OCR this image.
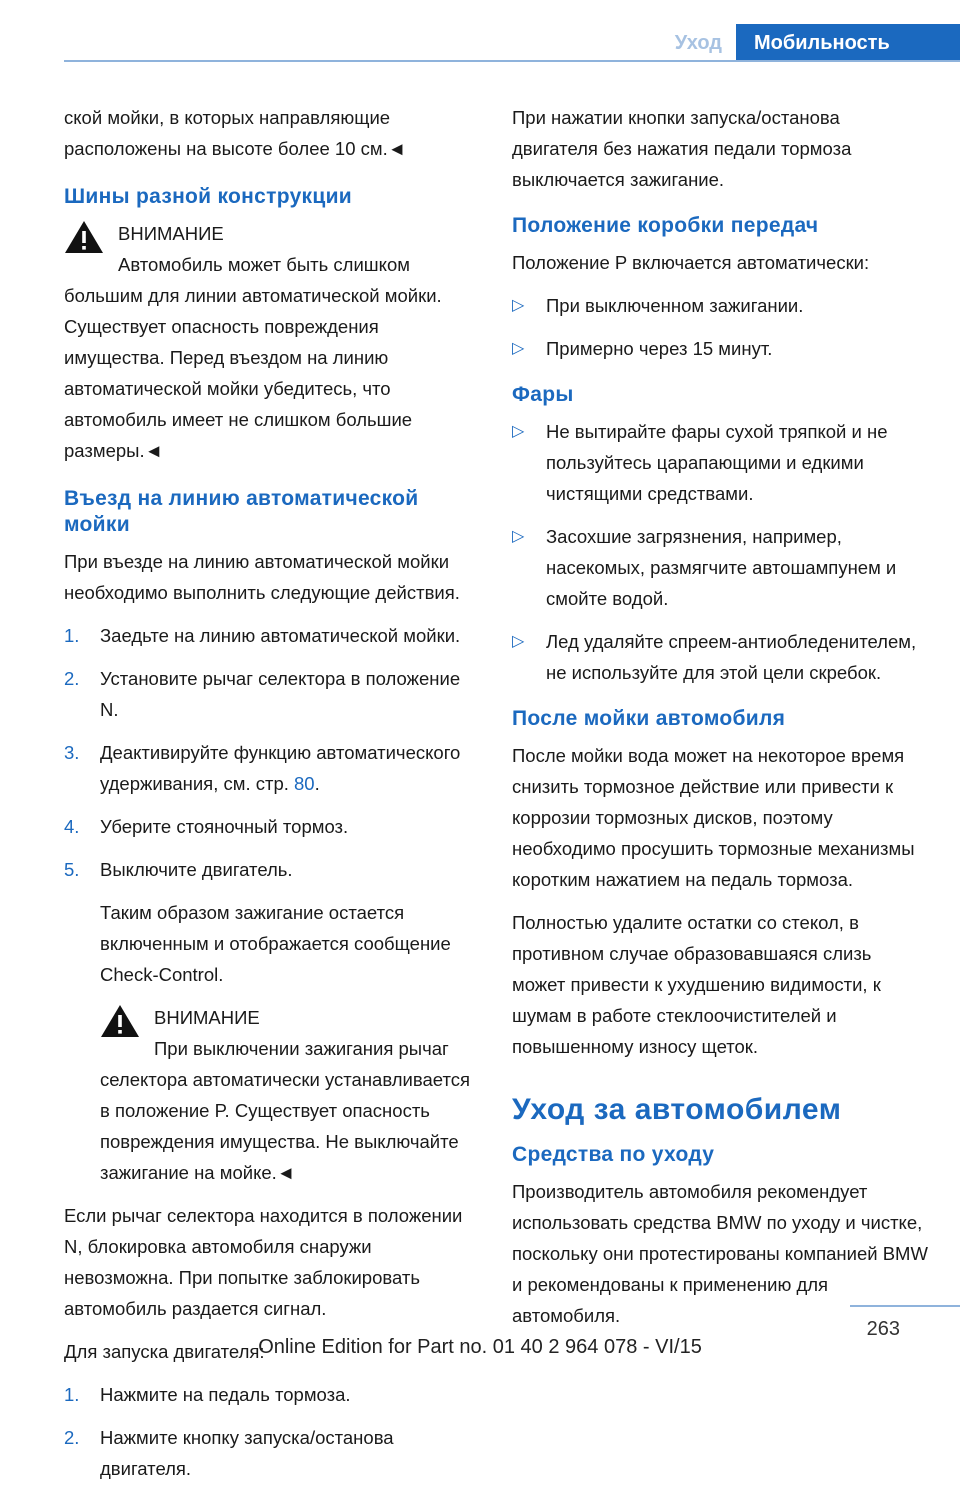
Уход	Мобильность

ской мойки, в которых направляющие расположены на высоте более 10 см.◄

Шины разной конструкции
ВНИМАНИЕ

Автомобиль может быть слишком большим для линии автоматической мойки. Существует опасность повреждения имущества. Перед въездом на линию автоматической мойки убедитесь, что автомобиль имеет не слишком большие размеры.◄

Въезд на линию автоматической мойки

При въезде на линию автоматической мойки необходимо выполнить следующие действия.

1. Заедьте на линию автоматической мойки.
2. Установите рычаг селектора в положение N.
3. Деактивируйте функцию автоматического удерживания, см. стр. 80.
4. Уберите стояночный тормоз.
5. Выключите двигатель.
Таким образом зажигание остается включенным и отображается сообщение Check-Control.
ВНИМАНИЕ
При выключении зажигания рычаг селектора автоматически устанавливается в положение P. Существует опасность повреждения имущества. Не выключайте зажигание на мойке.◄

Если рычаг селектора находится в положении N, блокировка автомобиля снаружи невозможна. При попытке заблокировать автомобиль раздается сигнал.

Для запуска двигателя:

1. Нажмите на педаль тормоза.
2. Нажмите кнопку запуска/останова двигателя.

При нажатии кнопки запуска/останова двигателя без нажатия педали тормоза выключается зажигание.

Положение коробки передач

Положение P включается автоматически:

▷ При выключенном зажигании.
▷ Примерно через 15 минут.
Фары
▷ Не вытирайте фары сухой тряпкой и не пользуйтесь царапающими и едкими чистящими средствами.
▷ Засохшие загрязнения, например, насекомых, размягчите автошампунем и смойте водой.
▷ Лед удаляйте спреем-антиобледенителем, не используйте для этой цели скребок.
После мойки автомобиля

После мойки вода может на некоторое время снизить тормозное действие или привести к коррозии тормозных дисков, поэтому необходимо просушить тормозные механизмы коротким нажатием на педаль тормоза.

Полностью удалите остатки со стекол, в противном случае образовавшаяся слизь может привести к ухудшению видимости, к шумам в работе стеклоочистителей и повышенному износу щеток.

Уход за автомобилем
Средства по уходу

Производитель автомобиля рекомендует использовать средства BMW по уходу и чистке, поскольку они протестированы компанией BMW и рекомендованы к применению для автомобиля.

263
Online Edition for Part no. 01 40 2 964 078 - VI/15
